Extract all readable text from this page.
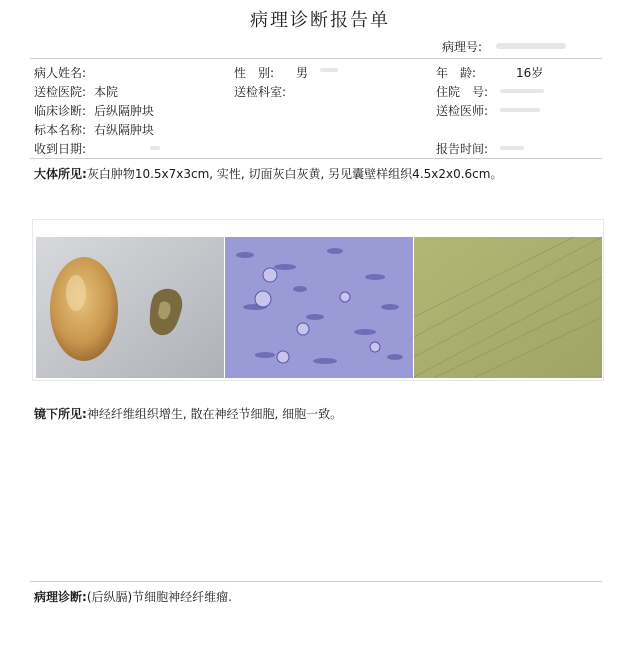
病理诊断报告单
病理号:
病人姓名:	性　别: 男	年　龄:	16岁
送检医院: 本院	送检科室:	住院　号:
临床诊断: 后纵隔肿块	送检医师:
标本名称: 右纵隔肿块
收到日期:	报告时间:
大体所见:灰白肿物10.5x7x3cm, 实性, 切面灰白灰黄, 另见囊壁样组织4.5x2x0.6cm。
镜下所见:神经纤维组织增生, 散在神经节细胞, 细胞一致。
病理诊断:(后纵膈)节细胞神经纤维瘤.
